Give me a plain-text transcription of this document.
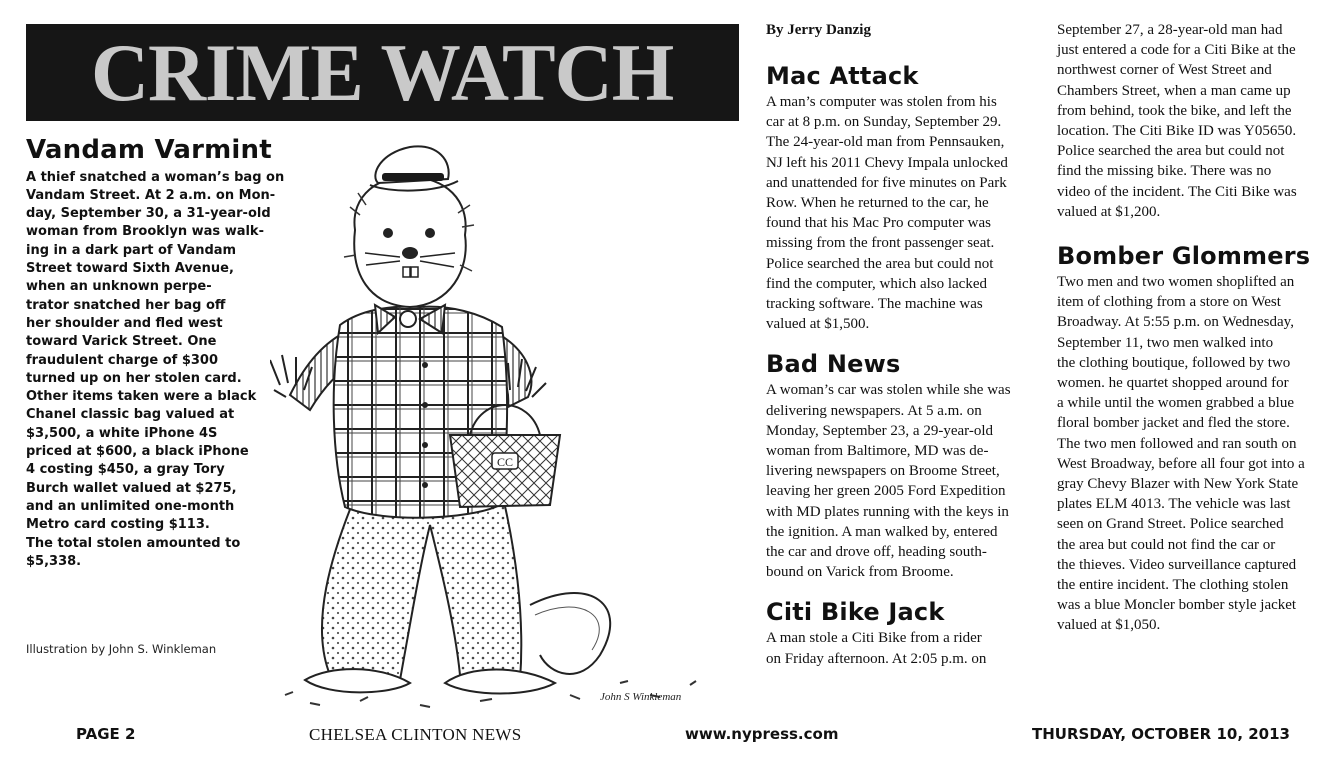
CRIME WATCH
Vandam Varmint
A thief snatched a woman’s bag on
Vandam Street. At 2 a.m. on Mon-
day, September 30, a 31-year-old
woman from Brooklyn was walk-
ing in a dark part of Vandam
Street toward Sixth Avenue,
when an unknown perpe-
trator snatched her bag off
her shoulder and fled west
toward Varick Street. One
fraudulent charge of $300
turned up on her stolen card.
Other items taken were a black
Chanel classic bag valued at
$3,500, a white iPhone 4S
priced at $600, a black iPhone
4 costing $450, a gray Tory
Burch wallet valued at $275,
and an unlimited one-month
Metro card costing $113.
The total stolen amounted to
$5,338.
CC
John S Winkleman
Illustration by John S. Winkleman
By Jerry Danzig
Mac Attack
A man’s computer was stolen from his
car at 8 p.m. on Sunday, September 29.
The 24-year-old man from Pennsauken,
NJ left his 2011 Chevy Impala unlocked
and unattended for five minutes on Park
Row. When he returned to the car, he
found that his Mac Pro computer was
missing from the front passenger seat.
Police searched the area but could not
find the computer, which also lacked
tracking software. The machine was
valued at $1,500.
Bad News
A woman’s car was stolen while she was
delivering newspapers. At 5 a.m. on
Monday, September 23, a 29-year-old
woman from Baltimore, MD was de-
livering newspapers on Broome Street,
leaving her green 2005 Ford Expedition
with MD plates running with the keys in
the ignition. A man walked by, entered
the car and drove off, heading south-
bound on Varick from Broome.
Citi Bike Jack
A man stole a Citi Bike from a rider
on Friday afternoon. At 2:05 p.m. on
September 27, a 28-year-old man had
just entered a code for a Citi Bike at the
northwest corner of West Street and
Chambers Street, when a man came up
from behind, took the bike, and left the
location. The Citi Bike ID was Y05650.
Police searched the area but could not
find the missing bike. There was no
video of the incident. The Citi Bike was
valued at $1,200.
Bomber Glommers
Two men and two women shoplifted an
item of clothing from a store on West
Broadway. At 5:55 p.m. on Wednesday,
September 11, two men walked into
the clothing boutique, followed by two
women. he quartet shopped around for
a while until the women grabbed a blue
floral bomber jacket and fled the store.
The two men followed and ran south on
West Broadway, before all four got into a
gray Chevy Blazer with New York State
plates ELM 4013. The vehicle was last
seen on Grand Street. Police searched
the area but could not find the car or
the thieves. Video surveillance captured
the entire incident. The clothing stolen
was a blue Moncler bomber style jacket
valued at $1,050.
PAGE 2	CHELSEA CLINTON NEWS	www.nypress.com	THURSDAY, OCTOBER 10, 2013
